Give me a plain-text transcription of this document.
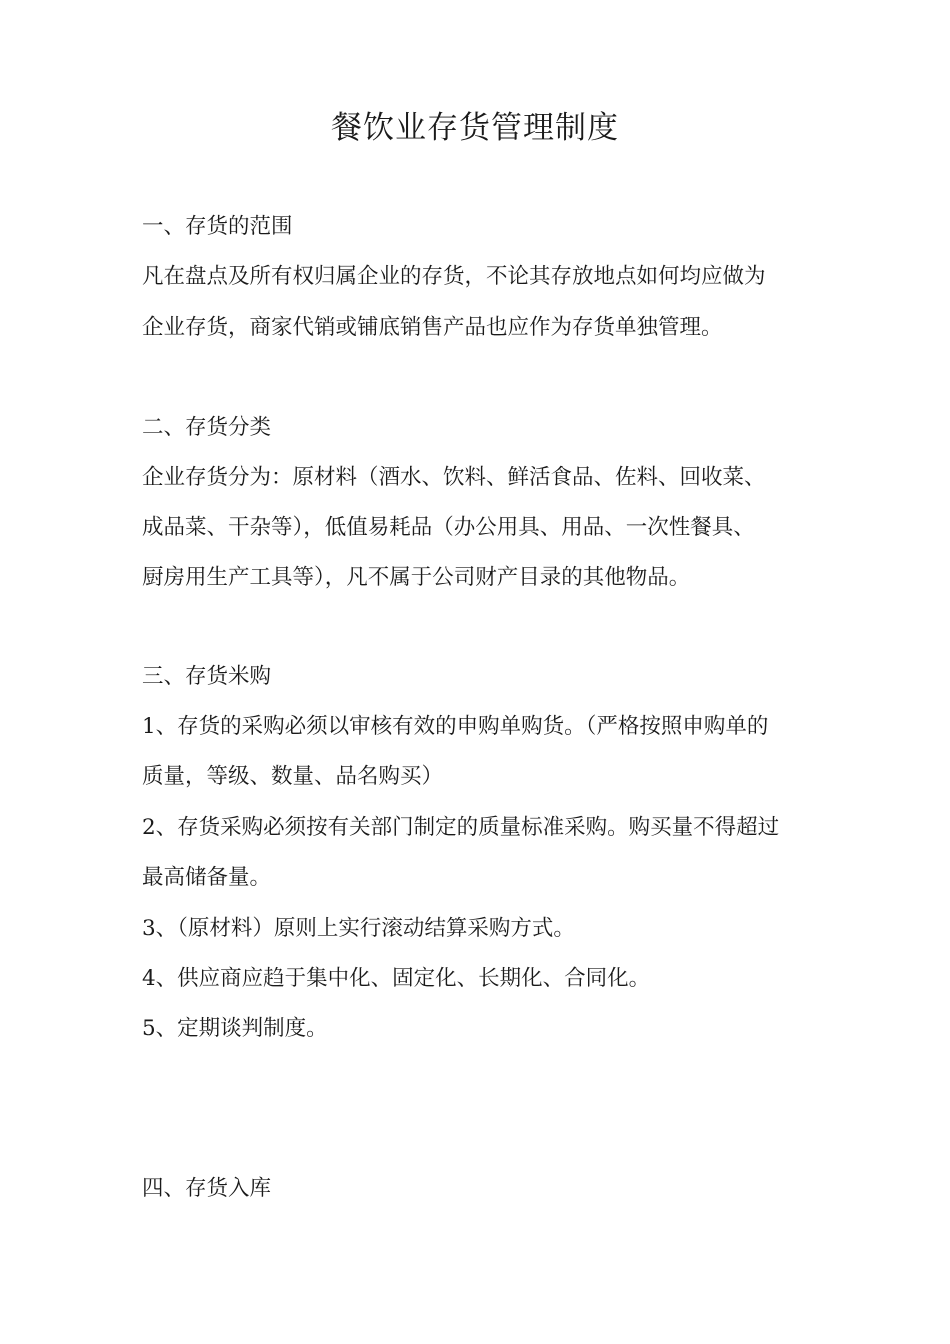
餐饮业存货管理制度

一、存货的范围

凡在盘点及所有权归属企业的存货，不论其存放地点如何均应做为

企业存货，商家代销或铺底销售产品也应作为存货单独管理。

二、存货分类

企业存货分为：原材料（酒水、饮料、鲜活食品、佐料、回收菜、

成品菜、干杂等），低值易耗品（办公用具、用品、一次性餐具、

厨房用生产工具等），凡不属于公司财产目录的其他物品。

三、存货米购

1、存货的采购必须以审核有效的申购单购货。（严格按照申购单的

质量，等级、数量、品名购买）

2、存货采购必须按有关部门制定的质量标准采购。购买量不得超过

最高储备量。

3、（原材料）原则上实行滚动结算采购方式。

4、供应商应趋于集中化、固定化、长期化、合同化。

5、定期谈判制度。

四、存货入库
